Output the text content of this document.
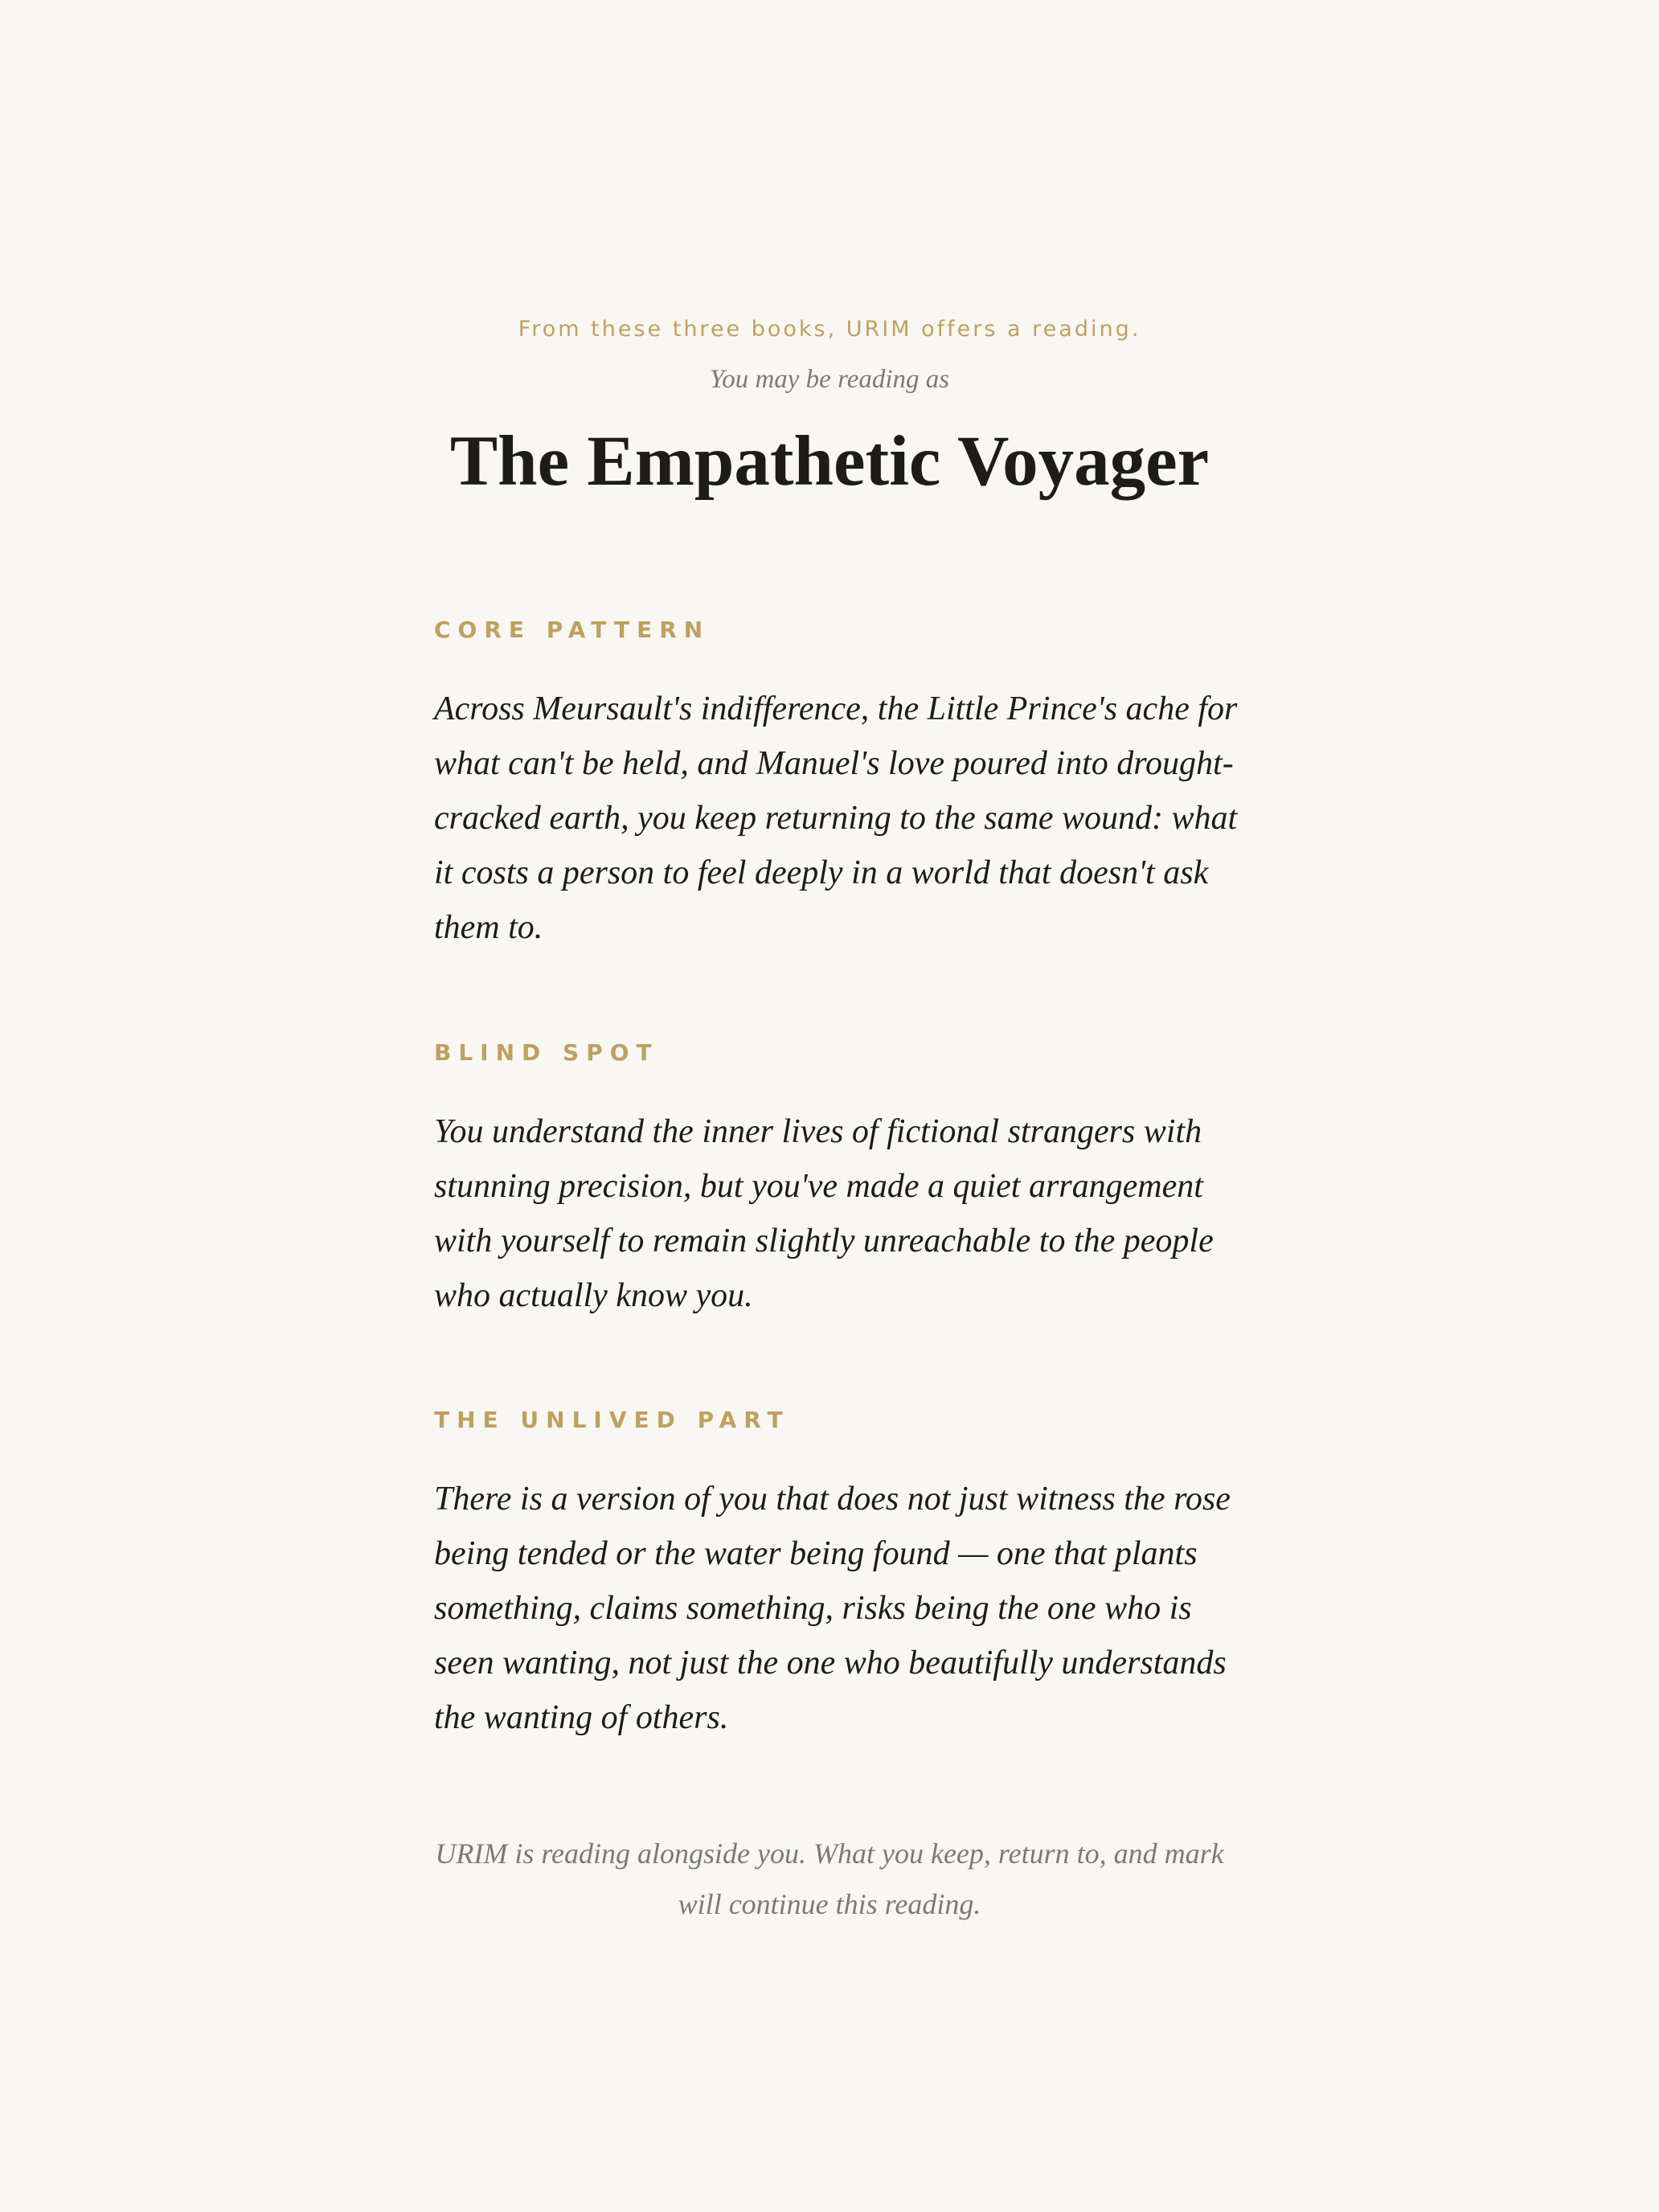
From these three books, URIM offers a reading.
You may be reading as
The Empathetic Voyager
CORE PATTERN

Across Meursault's indifference, the Little Prince's ache for what can't be held, and Manuel's love poured into drought-cracked earth, you keep returning to the same wound: what it costs a person to feel deeply in a world that doesn't ask them to.

BLIND SPOT

You understand the inner lives of fictional strangers with stunning precision, but you've made a quiet arrangement with yourself to remain slightly unreachable to the people who actually know you.

THE UNLIVED PART

There is a version of you that does not just witness the rose being tended or the water being found — one that plants something, claims something, risks being the one who is seen wanting, not just the one who beautifully understands the wanting of others.

URIM is reading alongside you. What you keep, return to, and mark will continue this reading.
